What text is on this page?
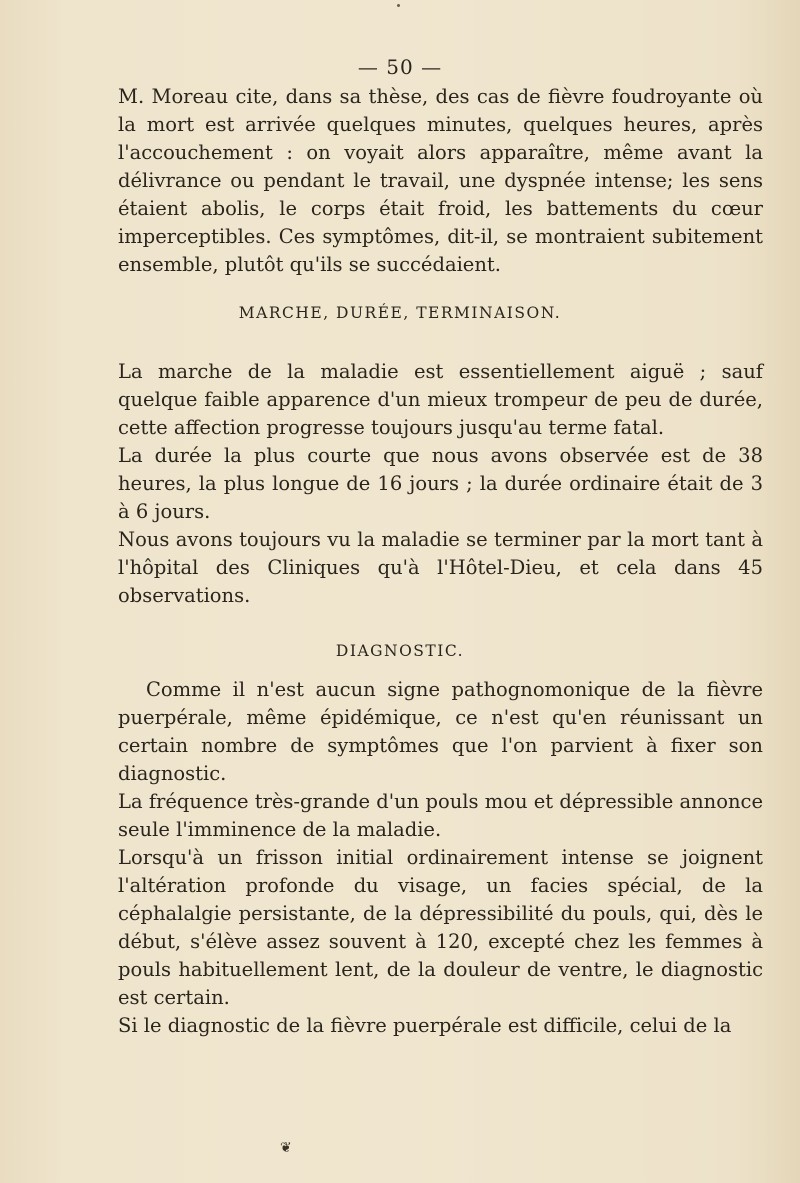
— 50 —

M. Moreau cite, dans sa thèse, des cas de fièvre foudroyante où la mort est arrivée quelques minutes, quelques heures, après l'accouchement : on voyait alors apparaître, même avant la délivrance ou pendant le travail, une dyspnée intense; les sens étaient abolis, le corps était froid, les battements du cœur imperceptibles. Ces symptômes, dit-il, se montraient subitement ensemble, plutôt qu'ils se succédaient.

MARCHE, DURÉE, TERMINAISON.

La marche de la maladie est essentiellement aiguë ; sauf quelque faible apparence d'un mieux trompeur de peu de durée, cette affection progresse toujours jusqu'au terme fatal.

La durée la plus courte que nous avons observée est de 38 heures, la plus longue de 16 jours ; la durée ordinaire était de 3 à 6 jours.

Nous avons toujours vu la maladie se terminer par la mort tant à l'hôpital des Cliniques qu'à l'Hôtel-Dieu, et cela dans 45 observations.

DIAGNOSTIC.

Comme il n'est aucun signe pathognomonique de la fièvre puerpérale, même épidémique, ce n'est qu'en réunissant un certain nombre de symptômes que l'on parvient à fixer son diagnostic.

La fréquence très-grande d'un pouls mou et dépressible annonce seule l'imminence de la maladie.

Lorsqu'à un frisson initial ordinairement intense se joignent l'altération profonde du visage, un facies spécial, de la céphalalgie persistante, de la dépressibilité du pouls, qui, dès le début, s'élève assez souvent à 120, excepté chez les femmes à pouls habituellement lent, de la douleur de ventre, le diagnostic est certain.

Si le diagnostic de la fièvre puerpérale est difficile, celui de la

❦
